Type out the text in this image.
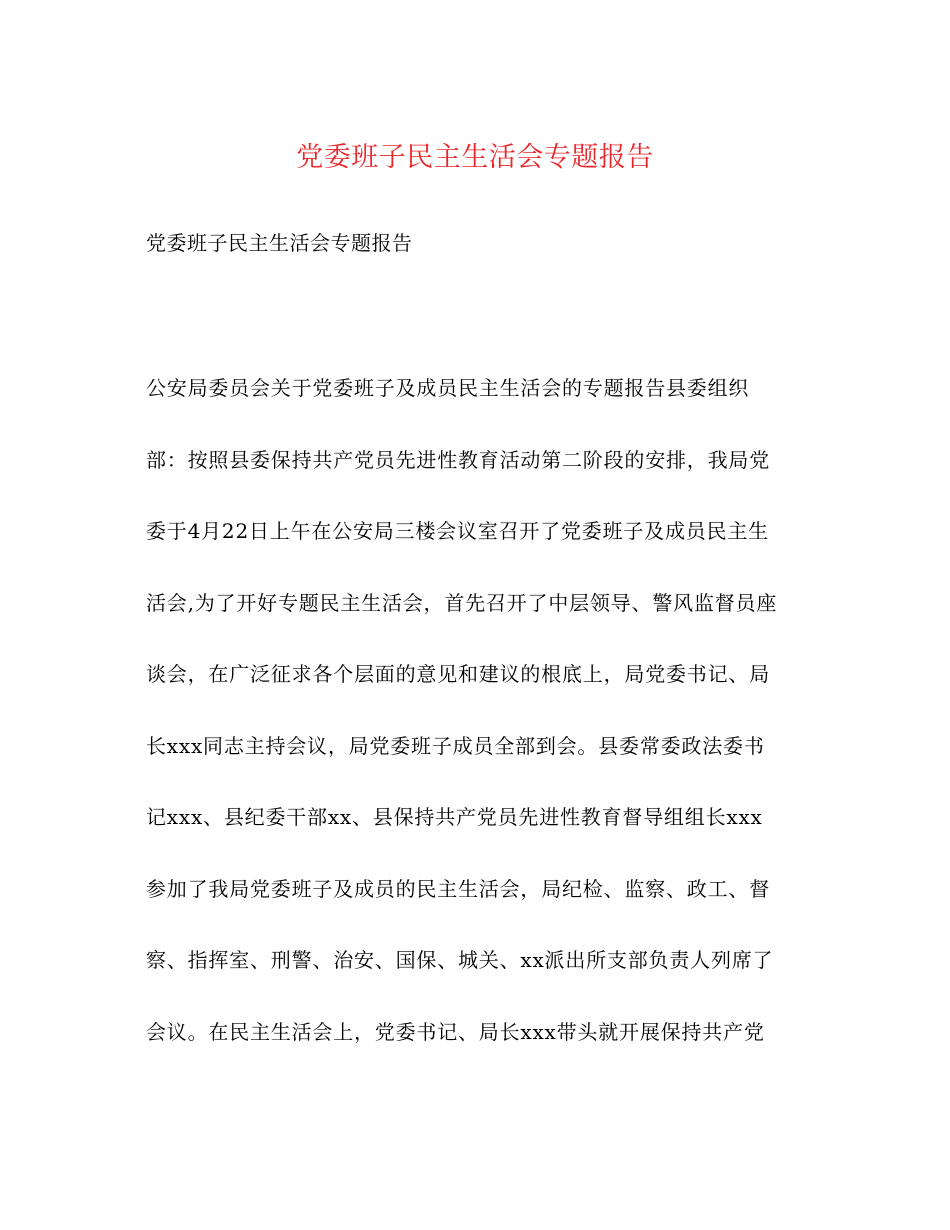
党委班子民主生活会专题报告
党委班子民主生活会专题报告
公安局委员会关于党委班子及成员民主生活会的专题报告县委组织
部：按照县委保持共产党员先进性教育活动第二阶段的安排，我局党
委于4月22日上午在公安局三楼会议室召开了党委班子及成员民主生
活会,为了开好专题民主生活会，首先召开了中层领导、警风监督员座
谈会，在广泛征求各个层面的意见和建议的根底上，局党委书记、局
长xxx同志主持会议，局党委班子成员全部到会。县委常委政法委书
记xxx、县纪委干部xx、县保持共产党员先进性教育督导组组长xxx
参加了我局党委班子及成员的民主生活会，局纪检、监察、政工、督
察、指挥室、刑警、治安、国保、城关、xx派出所支部负责人列席了
会议。在民主生活会上，党委书记、局长xxx带头就开展保持共产党
